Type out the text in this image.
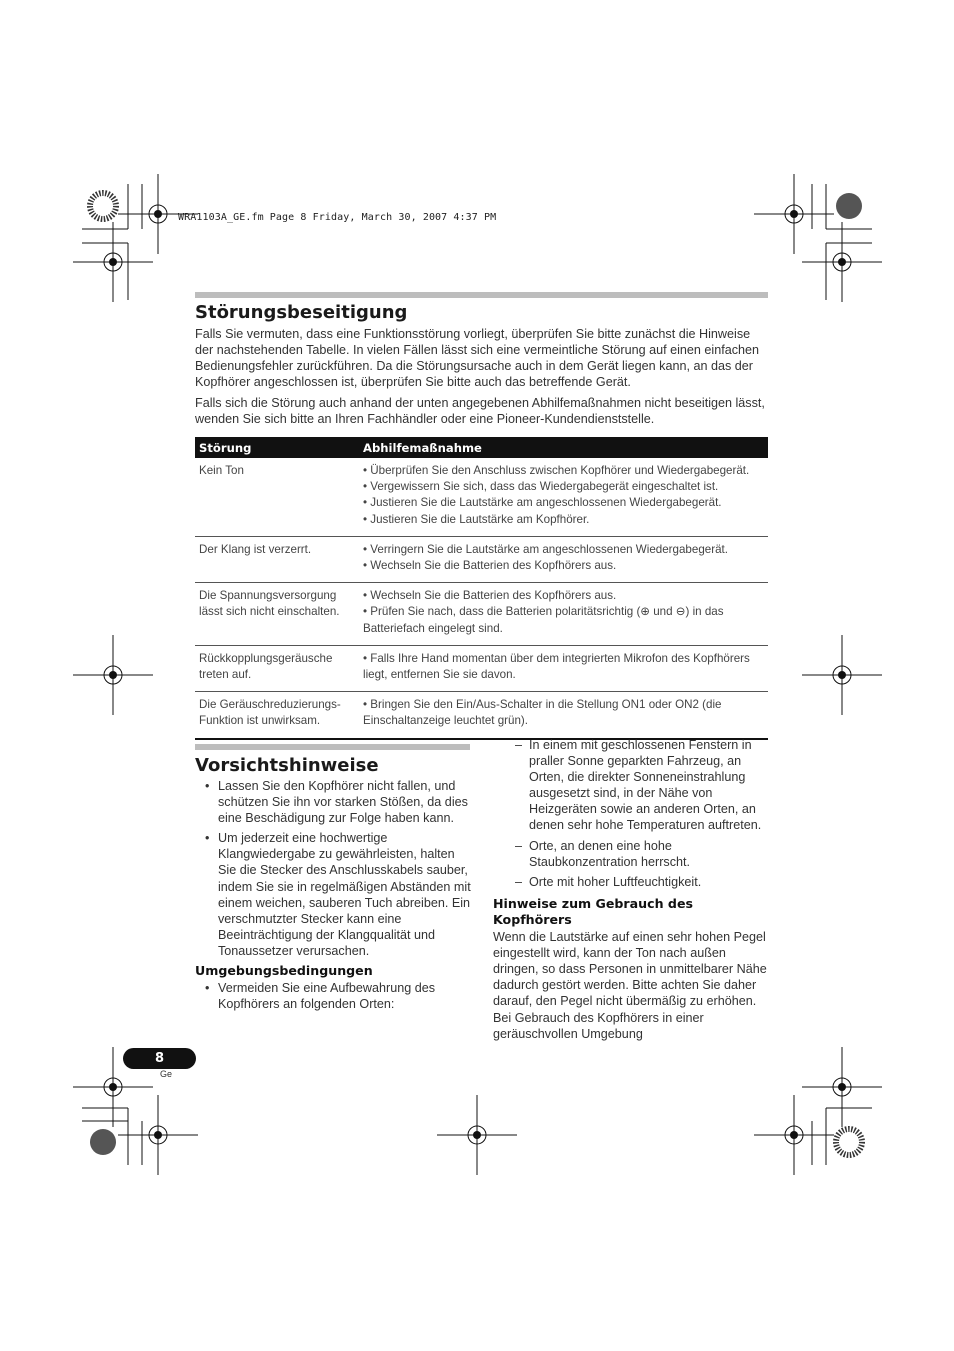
WRA1103A_GE.fm Page 8 Friday, March 30, 2007 4:37 PM
Störungsbeseitigung
Falls Sie vermuten, dass eine Funktionsstörung vorliegt, überprüfen Sie bitte zunächst die Hinweise der nachstehenden Tabelle. In vielen Fällen lässt sich eine vermeintliche Störung auf einen einfachen Bedienungsfehler zurückführen. Da die Störungsursache auch in dem Gerät liegen kann, an das der Kopfhörer angeschlossen ist, überprüfen Sie bitte auch das betreffende Gerät.
Falls sich die Störung auch anhand der unten angegebenen Abhilfemaßnahmen nicht beseitigen lässt, wenden Sie sich bitte an Ihren Fachhändler oder eine Pioneer-Kundendienststelle.
Störung	Abhilfemaßnahme
Kein Ton	• Überprüfen Sie den Anschluss zwischen Kopfhörer und Wiedergabegerät.
• Vergewissern Sie sich, dass das Wiedergabegerät eingeschaltet ist.
• Justieren Sie die Lautstärke am angeschlossenen Wiedergabegerät.
• Justieren Sie die Lautstärke am Kopfhörer.

Der Klang ist verzerrt.	• Verringern Sie die Lautstärke am angeschlossenen Wiedergabegerät.
• Wechseln Sie die Batterien des Kopfhörers aus.

Die Spannungsversorgung lässt sich nicht einschalten.	• Wechseln Sie die Batterien des Kopfhörers aus.
• Prüfen Sie nach, dass die Batterien polaritätsrichtig (⊕ und ⊖) in das Batteriefach eingelegt sind.

Rückkopplungsgeräusche treten auf.	• Falls Ihre Hand momentan über dem integrierten Mikrofon des Kopfhörers liegt, entfernen Sie sie davon.

Die Geräuschreduzierungs-Funktion ist unwirksam.	• Bringen Sie den Ein/Aus-Schalter in die Stellung ON1 oder ON2 (die Einschaltanzeige leuchtet grün).
Vorsichtshinweise
• Lassen Sie den Kopfhörer nicht fallen, und schützen Sie ihn vor starken Stößen, da dies eine Beschädigung zur Folge haben kann.
• Um jederzeit eine hochwertige Klangwiedergabe zu gewährleisten, halten Sie die Stecker des Anschlusskabels sauber, indem Sie sie in regelmäßigen Abständen mit einem weichen, sauberen Tuch abreiben. Ein verschmutzter Stecker kann eine Beeinträchtigung der Klangqualität und Tonaussetzer verursachen.
Umgebungsbedingungen
• Vermeiden Sie eine Aufbewahrung des Kopfhörers an folgenden Orten:
– In einem mit geschlossenen Fenstern in praller Sonne geparkten Fahrzeug, an Orten, die direkter Sonneneinstrahlung ausgesetzt sind, in der Nähe von Heizgeräten sowie an anderen Orten, an denen sehr hohe Temperaturen auftreten.
– Orte, an denen eine hohe Staubkonzentration herrscht.
– Orte mit hoher Luftfeuchtigkeit.
Hinweise zum Gebrauch des Kopfhörers
Wenn die Lautstärke auf einen sehr hohen Pegel eingestellt wird, kann der Ton nach außen dringen, so dass Personen in unmittelbarer Nähe dadurch gestört werden. Bitte achten Sie daher darauf, den Pegel nicht übermäßig zu erhöhen. Bei Gebrauch des Kopfhörers in einer geräuschvollen Umgebung
8
Ge
